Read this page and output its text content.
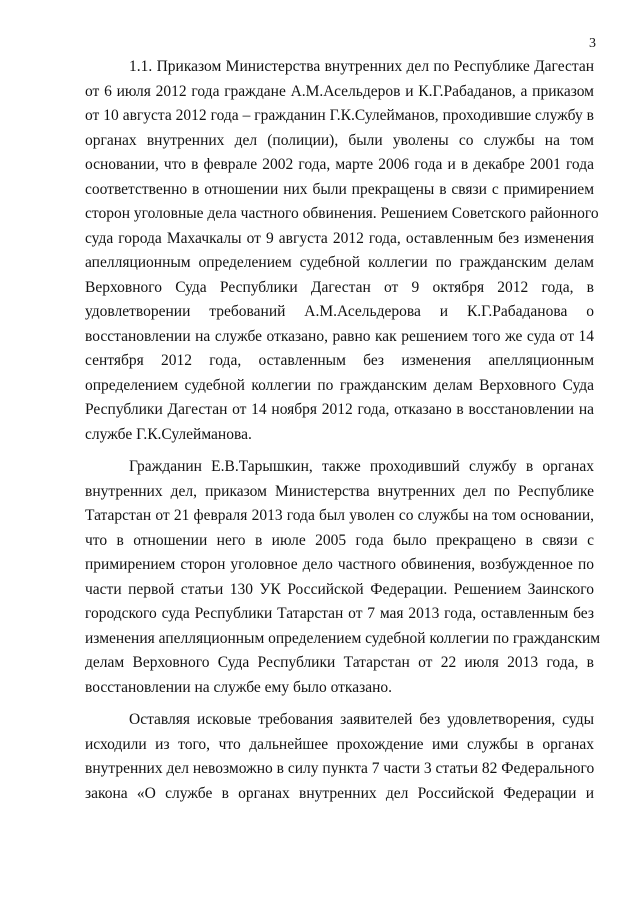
3
1.1. Приказом Министерства внутренних дел по Республике Дагестан
от 6 июля 2012 года граждане А.М.Асельдеров и К.Г.Рабаданов, а приказом
от 10 августа 2012 года – гражданин Г.К.Сулейманов, проходившие службу в
органах внутренних дел (полиции), были уволены со службы на том
основании, что в феврале 2002 года, марте 2006 года и в декабре 2001 года
соответственно в отношении них были прекращены в связи с примирением
сторон уголовные дела частного обвинения. Решением Советского районного
суда города Махачкалы от 9 августа 2012 года, оставленным без изменения
апелляционным определением судебной коллегии по гражданским делам
Верховного Суда Республики Дагестан от 9 октября 2012 года, в
удовлетворении требований А.М.Асельдерова и К.Г.Рабаданова о
восстановлении на службе отказано, равно как решением того же суда от 14
сентября 2012 года, оставленным без изменения апелляционным
определением судебной коллегии по гражданским делам Верховного Суда
Республики Дагестан от 14 ноября 2012 года, отказано в восстановлении на
службе Г.К.Сулейманова.
Гражданин Е.В.Тарышкин, также проходивший службу в органах
внутренних дел, приказом Министерства внутренних дел по Республике
Татарстан от 21 февраля 2013 года был уволен со службы на том основании,
что в отношении него в июле 2005 года было прекращено в связи с
примирением сторон уголовное дело частного обвинения, возбужденное по
части первой статьи 130 УК Российской Федерации. Решением Заинского
городского суда Республики Татарстан от 7 мая 2013 года, оставленным без
изменения апелляционным определением судебной коллегии по гражданским
делам Верховного Суда Республики Татарстан от 22 июля 2013 года, в
восстановлении на службе ему было отказано.
Оставляя исковые требования заявителей без удовлетворения, суды
исходили из того, что дальнейшее прохождение ими службы в органах
внутренних дел невозможно в силу пункта 7 части 3 статьи 82 Федерального
закона «О службе в органах внутренних дел Российской Федерации и
